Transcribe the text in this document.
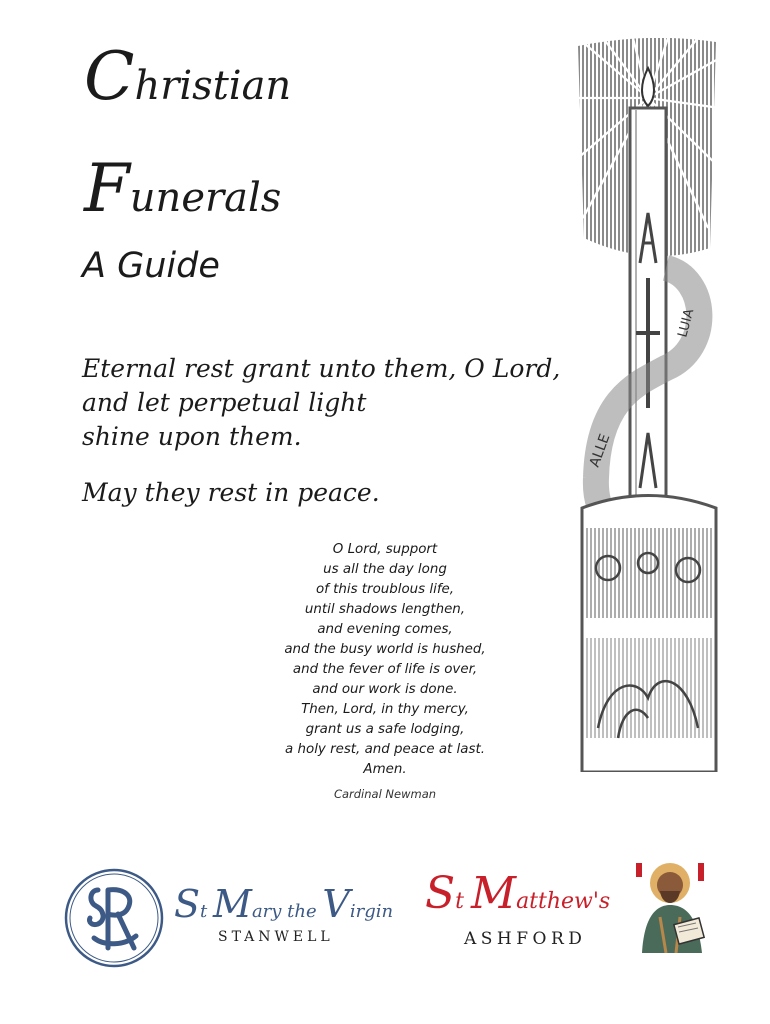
Christian
Funerals
A Guide
Eternal rest grant unto them, O Lord,
and let perpetual light
shine upon them.
May they rest in peace.
O Lord, support
us all the day long
of this troublous life,
until shadows lengthen,
and evening comes,
and the busy world is hushed,
and the fever of life is over,
and our work is done.
Then, Lord, in thy mercy,
grant us a safe lodging,
a holy rest, and peace at last.
Amen.
Cardinal Newman
ALLE
LUIA
St Mary the Virgin
STANWELL
St Matthew's
ASHFORD
